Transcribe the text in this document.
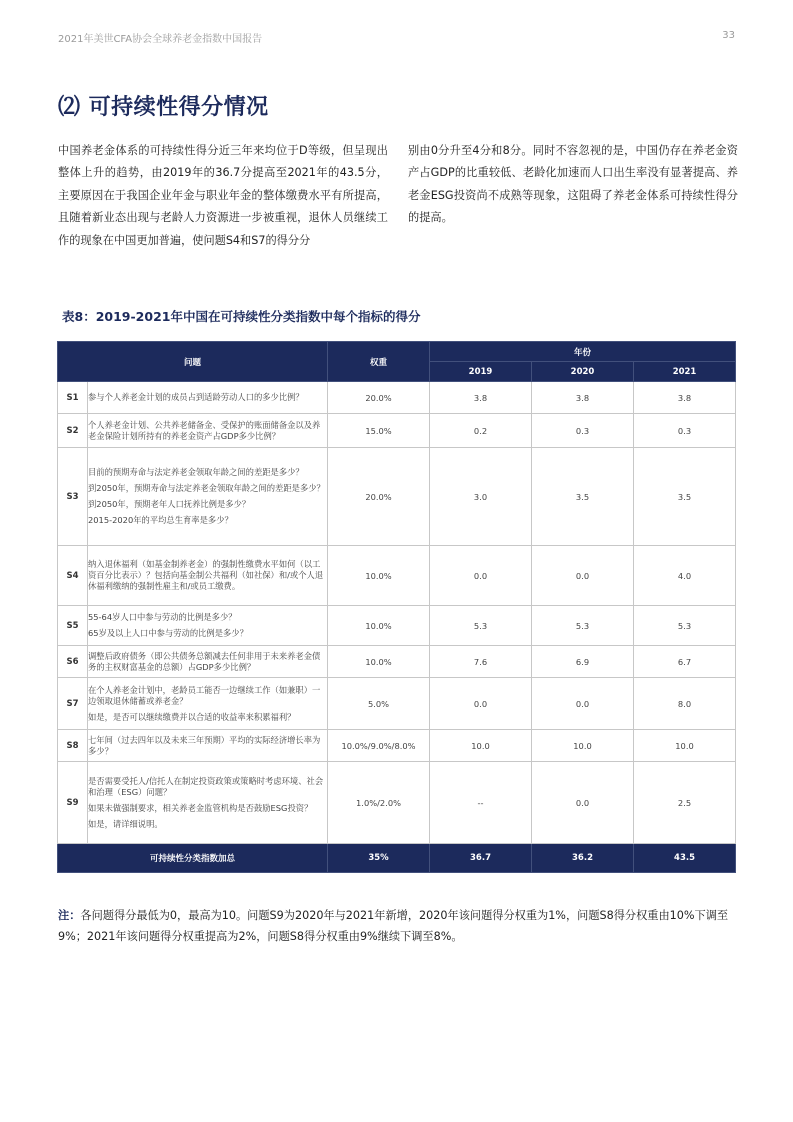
2021年美世CFA协会全球养老金指数中国报告	33
⑵ 可持续性得分情况
中国养老金体系的可持续性得分近三年来均位于D等级，但呈现出整体上升的趋势，由2019年的36.7分提高至2021年的43.5分，主要原因在于我国企业年金与职业年金的整体缴费水平有所提高，且随着新业态出现与老龄人力资源进一步被重视，退休人员继续工作的现象在中国更加普遍，使问题S4和S7的得分分
别由0分升至4分和8分。同时不容忽视的是，中国仍存在养老金资产占GDP的比重较低、老龄化加速而人口出生率没有显著提高、养老金ESG投资尚不成熟等现象，这阻碍了养老金体系可持续性得分的提高。
表8：2019-2021年中国在可持续性分类指数中每个指标的得分
问题		权重	年份		
			2019	2020	2021
S1	参与个人养老金计划的成员占到适龄劳动人口的多少比例？	20.0%	3.8	3.8	3.8
S2	个人养老金计划、公共养老储备金、受保护的账面储备金以及养老金保险计划所持有的养老金资产占GDP多少比例？	15.0%	0.2	0.3	0.3
S3	目前的预期寿命与法定养老金领取年龄之间的差距是多少？
到2050年，预期寿命与法定养老金领取年龄之间的差距是多少？
到2050年，预期老年人口抚养比例是多少？
2015-2020年的平均总生育率是多少？	20.0%	3.0	3.5	3.5
S4	纳入退休福利（如基金制养老金）的强制性缴费水平如何（以工资百分比表示）？包括向基金制公共福利（如社保）和/或个人退休福利缴纳的强制性雇主和/或员工缴费。	10.0%	0.0	0.0	4.0
S5	55-64岁人口中参与劳动的比例是多少？
65岁及以上人口中参与劳动的比例是多少？	10.0%	5.3	5.3	5.3
S6	调整后政府债务（即公共债务总额减去任何非用于未来养老金债务的主权财富基金的总额）占GDP多少比例？	10.0%	7.6	6.9	6.7
S7	在个人养老金计划中，老龄员工能否一边继续工作（如兼职）一边领取退休储蓄或养老金？
如是，是否可以继续缴费并以合适的收益率来积累福利？	5.0%	0.0	0.0	8.0
S8	七年间（过去四年以及未来三年预期）平均的实际经济增长率为多少？	10.0%/9.0%/8.0%	10.0	10.0	10.0
S9	是否需要受托人/信托人在制定投资政策或策略时考虑环境、社会和治理（ESG）问题？
如果未做强制要求，相关养老金监管机构是否鼓励ESG投资？
如是，请详细说明。	1.0%/2.0%	--	0.0	2.5
可持续性分类指数加总		35%	36.7	36.2	43.5
注：各问题得分最低为0，最高为10。问题S9为2020年与2021年新增，2020年该问题得分权重为1%，问题S8得分权重由10%下调至9%；2021年该问题得分权重提高为2%，问题S8得分权重由9%继续下调至8%。
